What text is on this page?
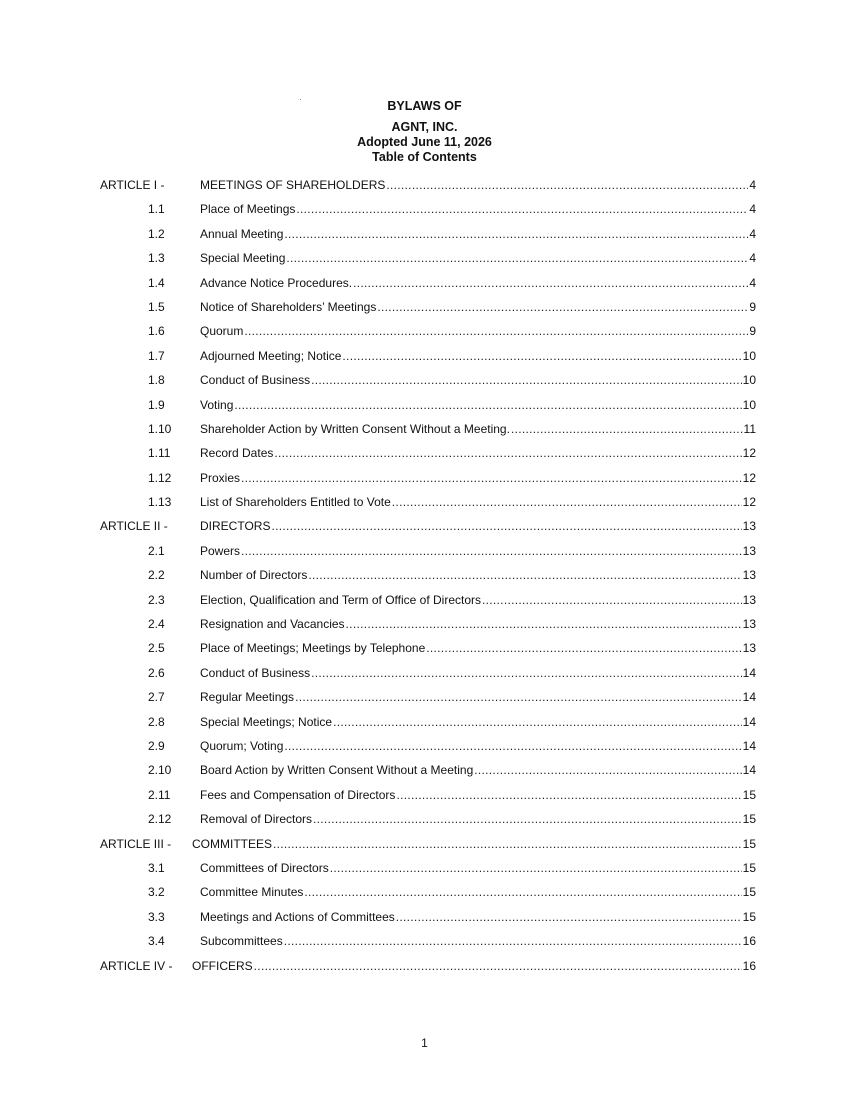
BYLAWS OF
AGNT, INC.
Adopted June 11, 2026
Table of Contents
ARTICLE I -	MEETINGS OF SHAREHOLDERS .....	4
1.1	Place of Meetings .....	4
1.2	Annual Meeting .....	4
1.3	Special Meeting .....	4
1.4	Advance Notice Procedures. .....	4
1.5	Notice of Shareholders’ Meetings .....	9
1.6	Quorum .....	9
1.7	Adjourned Meeting; Notice .....	10
1.8	Conduct of Business .....	10
1.9	Voting .....	10
1.10 Shareholder Action by Written Consent Without a Meeting. .....	11
1.11 Record Dates .....	12
1.12 Proxies .....	12
1.13 List of Shareholders Entitled to Vote .....	12
ARTICLE II -	DIRECTORS .....	13
2.1	Powers .....	13
2.2	Number of Directors .....	13
2.3	Election, Qualification and Term of Office of Directors .....	13
2.4	Resignation and Vacancies .....	13
2.5	Place of Meetings; Meetings by Telephone .....	13
2.6	Conduct of Business .....	14
2.7	Regular Meetings .....	14
2.8	Special Meetings; Notice .....	14
2.9	Quorum; Voting .....	14
2.10 Board Action by Written Consent Without a Meeting .....	14
2.11 Fees and Compensation of Directors .....	15
2.12 Removal of Directors .....	15
ARTICLE III - COMMITTEES .....	15
3.1	Committees of Directors .....	15
3.2	Committee Minutes .....	15
3.3	Meetings and Actions of Committees .....	15
3.4	Subcommittees .....	16
ARTICLE IV - OFFICERS .....	16
1
